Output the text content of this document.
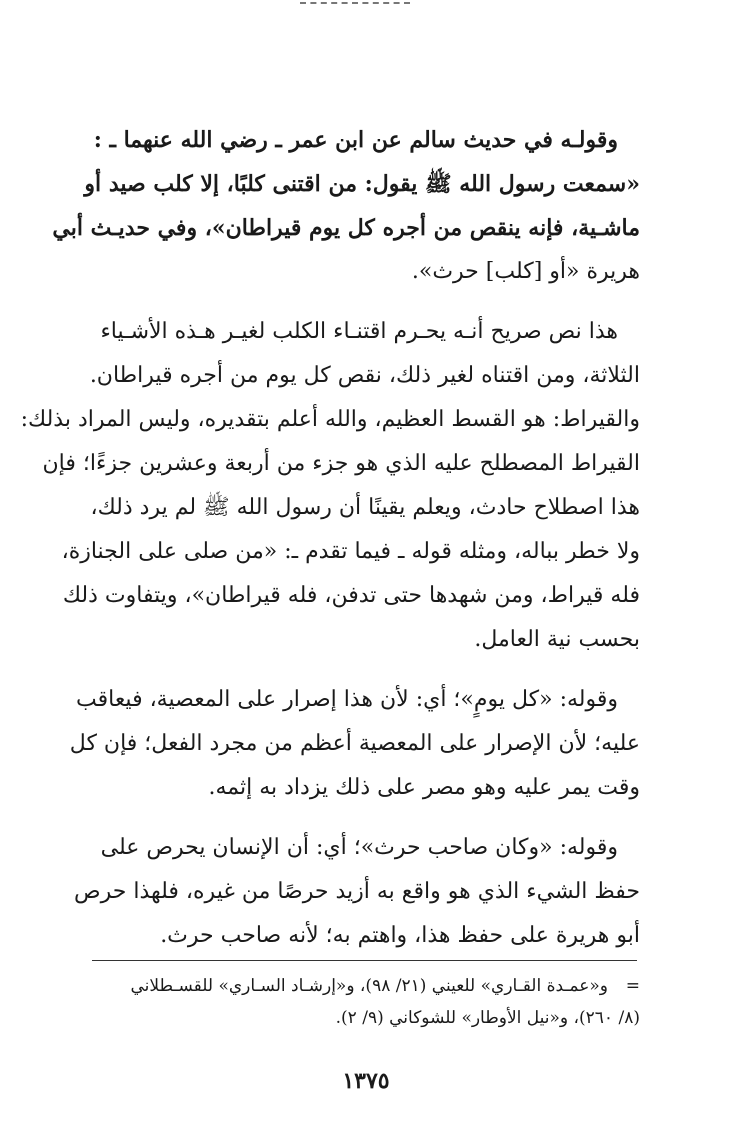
وقولـه في حديث سالم عن ابن عمر ـ رضي الله عنهما ـ :
«سمعت رسول الله ﷺ يقول: من اقتنى كلبًا، إلا كلب صيد أو
ماشـية، فإنه ينقص من أجره كل يوم قيراطان»، وفي حديـث أبي
هريرة «أو [كلب] حرث».
هذا نص صريح أنـه يحـرم اقتنـاء الكلب لغيـر هـذه الأشـياء
الثلاثة، ومن اقتناه لغير ذلك، نقص كل يوم من أجره قيراطان.
والقيراط: هو القسط العظيم، والله أعلم بتقديره، وليس المراد بذلك:
القيراط المصطلح عليه الذي هو جزء من أربعة وعشرين جزءًا؛ فإن
هذا اصطلاح حادث، ويعلم يقينًا أن رسول الله ﷺ لم يرد ذلك،
ولا خطر بباله، ومثله قوله ـ فيما تقدم ـ: «من صلى على الجنازة،
فله قيراط، ومن شهدها حتى تدفن، فله قيراطان»، ويتفاوت ذلك
بحسب نية العامل.
وقوله: «كل يومٍ»؛ أي: لأن هذا إصرار على المعصية، فيعاقب
عليه؛ لأن الإصرار على المعصية أعظم من مجرد الفعل؛ فإن كل
وقت يمر عليه وهو مصر على ذلك يزداد به إثمه.
وقوله: «وكان صاحب حرث»؛ أي: أن الإنسان يحرص على
حفظ الشيء الذي هو واقع به أزيد حرصًا من غيره، فلهذا حرص
أبو هريرة على حفظ هذا، واهتم به؛ لأنه صاحب حرث.
=و«عمـدة القـاري» للعيني (٢١/ ٩٨)، و«إرشـاد السـاري» للقسـطلاني
(٨/ ٢٦٠)، و«نيل الأوطار» للشوكاني (٩/ ٢).
١٣٧٥
